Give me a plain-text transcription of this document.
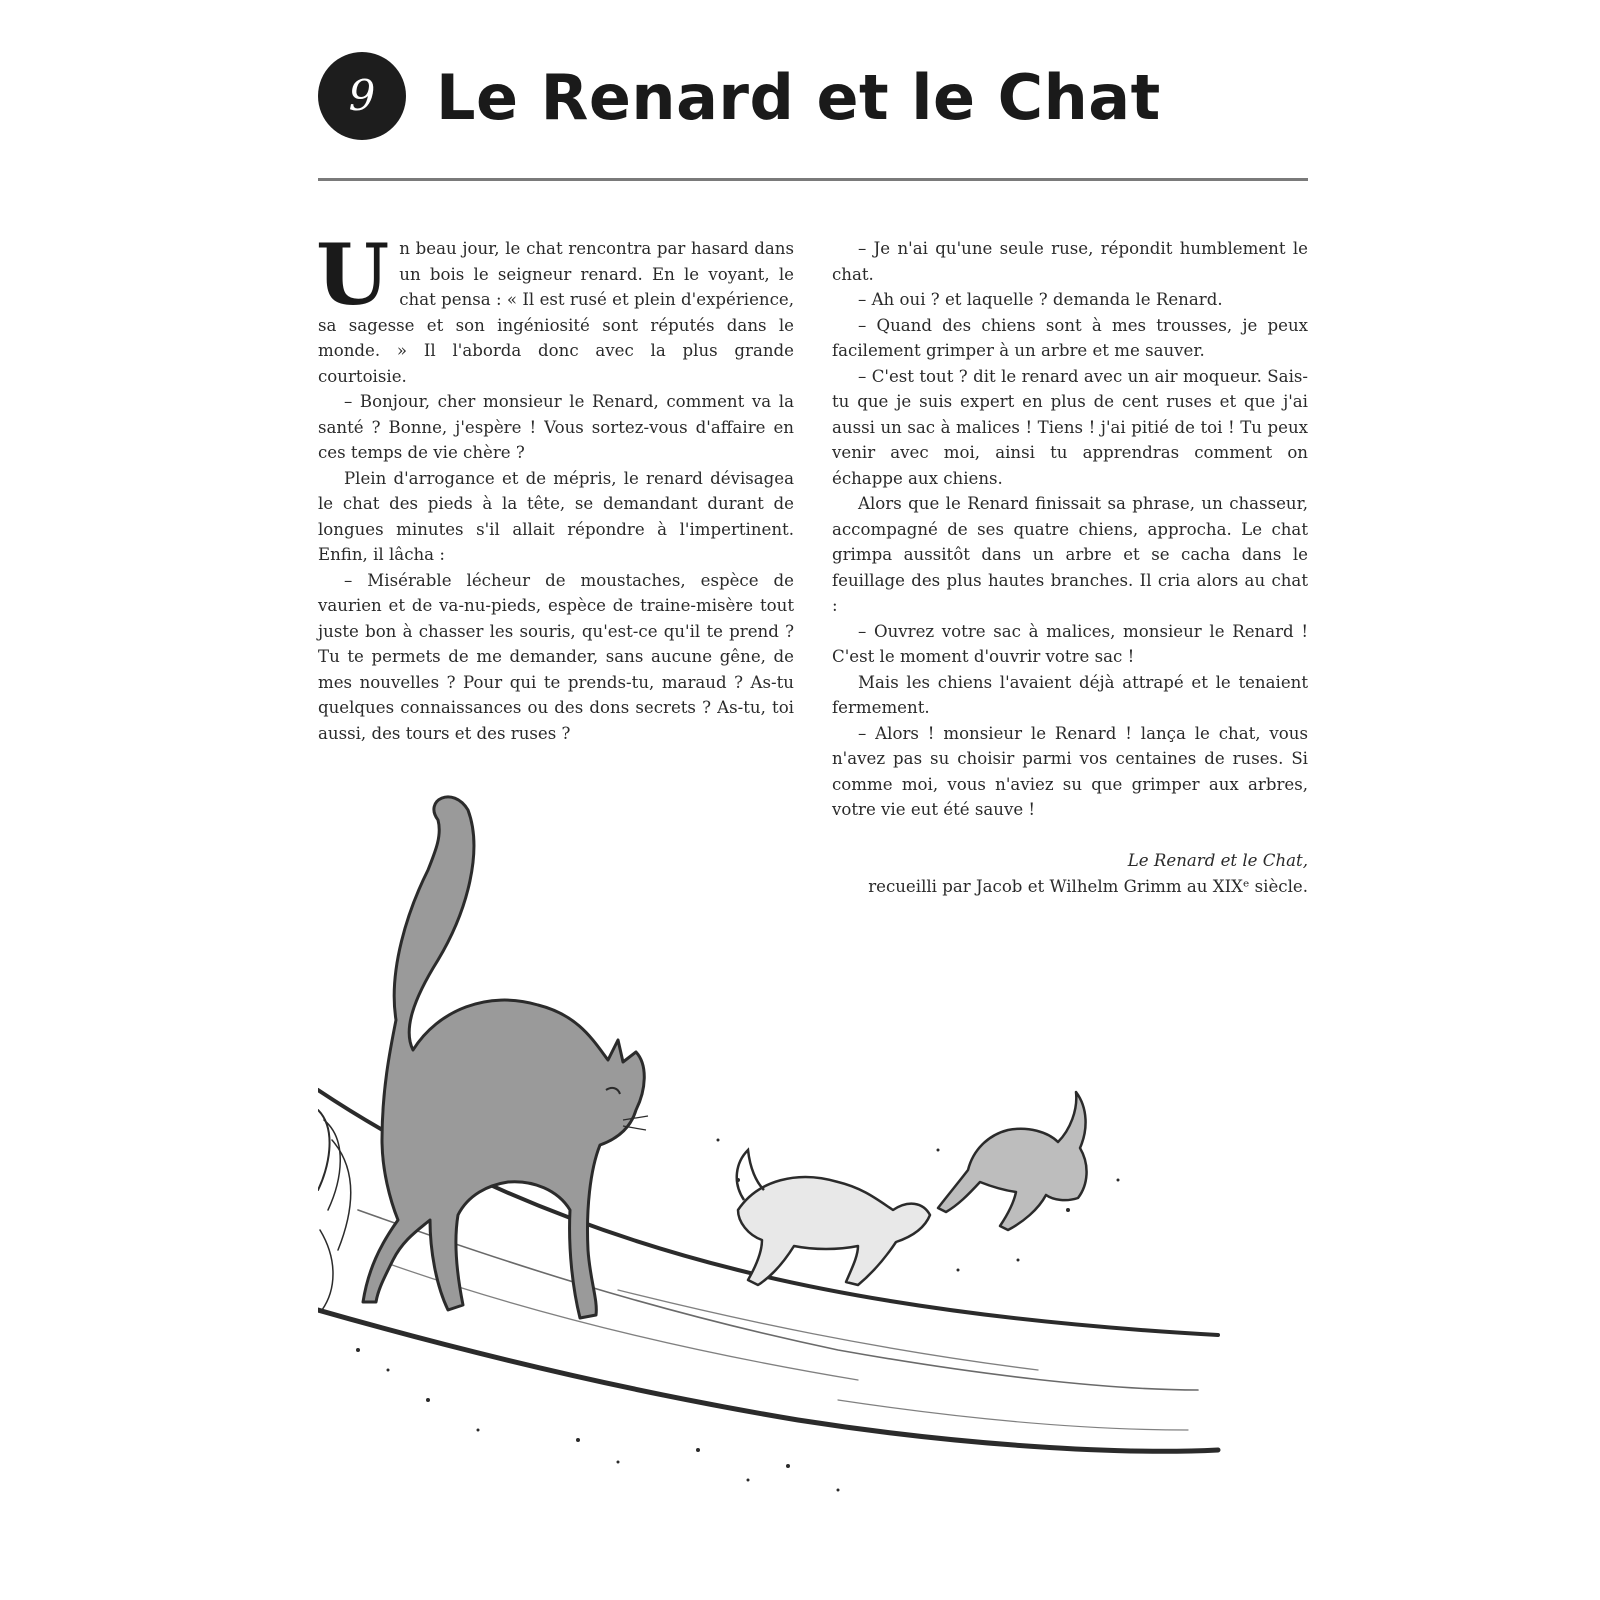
9 Le Renard et le Chat

Un beau jour, le chat rencontra par hasard dans un bois le seigneur renard. En le voyant, le chat pensa : « Il est rusé et plein d'expérience, sa sagesse et son ingéniosité sont réputés dans le monde. » Il l'aborda donc avec la plus grande courtoisie.

– Bonjour, cher monsieur le Renard, comment va la santé ? Bonne, j'espère ! Vous sortez-vous d'affaire en ces temps de vie chère ?

Plein d'arrogance et de mépris, le renard dévisagea le chat des pieds à la tête, se demandant durant de longues minutes s'il allait répondre à l'impertinent. Enfin, il lâcha :

– Misérable lécheur de moustaches, espèce de vaurien et de va-nu-pieds, espèce de traine-misère tout juste bon à chasser les souris, qu'est-ce qu'il te prend ? Tu te permets de me demander, sans aucune gêne, de mes nouvelles ? Pour qui te prends-tu, maraud ? As-tu quelques connaissances ou des dons secrets ? As-tu, toi aussi, des tours et des ruses ?

– Je n'ai qu'une seule ruse, répondit humblement le chat.

– Ah oui ? et laquelle ? demanda le Renard.

– Quand des chiens sont à mes trousses, je peux facilement grimper à un arbre et me sauver.

– C'est tout ? dit le renard avec un air moqueur. Sais-tu que je suis expert en plus de cent ruses et que j'ai aussi un sac à malices ! Tiens ! j'ai pitié de toi ! Tu peux venir avec moi, ainsi tu apprendras comment on échappe aux chiens.

Alors que le Renard finissait sa phrase, un chasseur, accompagné de ses quatre chiens, approcha. Le chat grimpa aussitôt dans un arbre et se cacha dans le feuillage des plus hautes branches. Il cria alors au chat :

– Ouvrez votre sac à malices, monsieur le Renard ! C'est le moment d'ouvrir votre sac !

Mais les chiens l'avaient déjà attrapé et le tenaient fermement.

– Alors ! monsieur le Renard ! lança le chat, vous n'avez pas su choisir parmi vos centaines de ruses. Si comme moi, vous n'aviez su que grimper aux arbres, votre vie eut été sauve !

Le Renard et le Chat,
recueilli par Jacob et Wilhelm Grimm au XIXᵉ siècle.
